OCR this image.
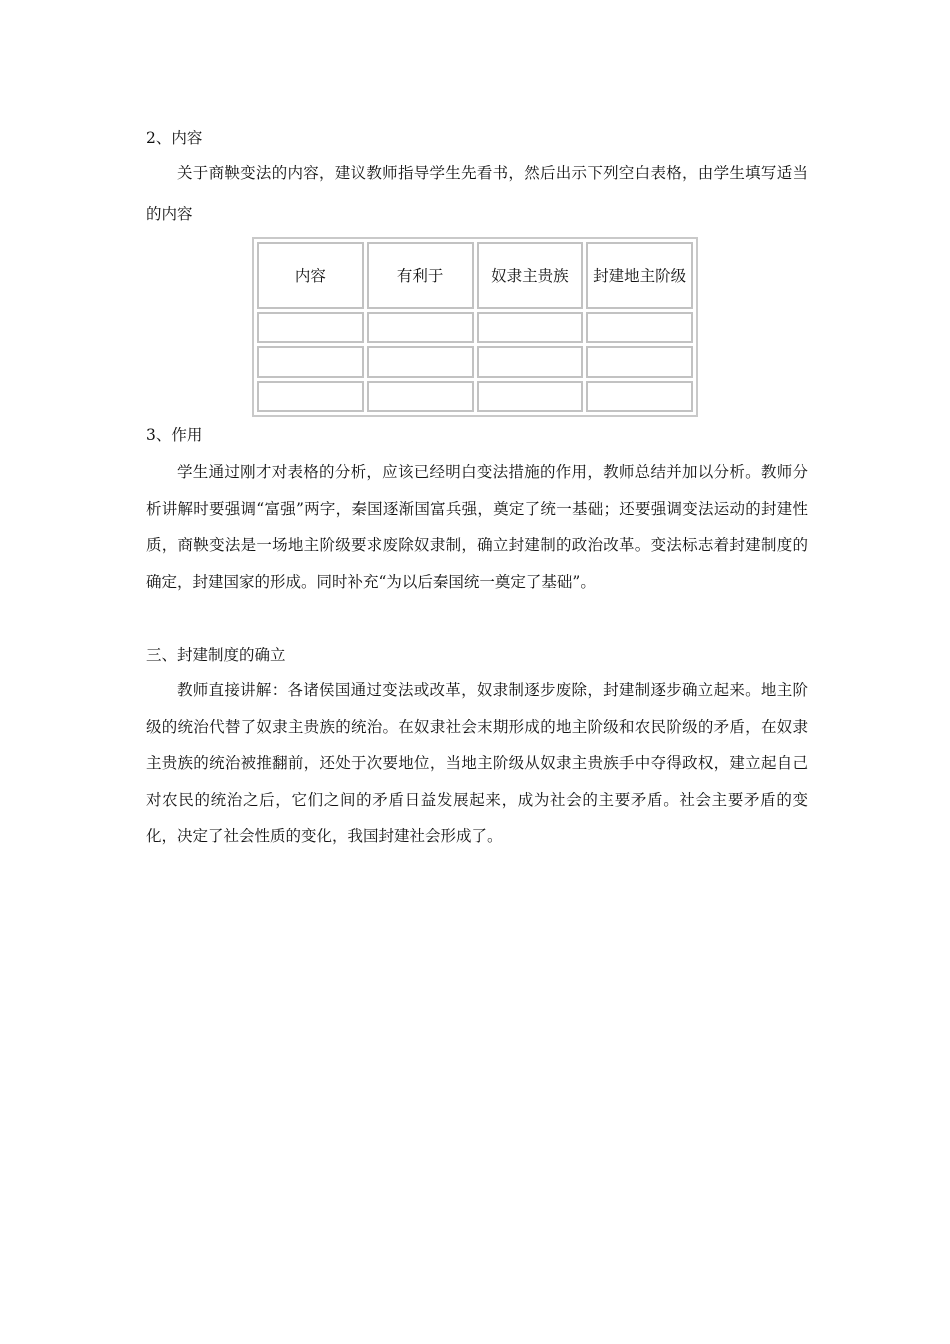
2、内容

关于商鞅变法的内容，建议教师指导学生先看书，然后出示下列空白表格，由学生填写适当的内容

内容	有利于	奴隶主贵族	封建地主阶级

3、作用

学生通过刚才对表格的分析，应该已经明白变法措施的作用，教师总结并加以分析。教师分析讲解时要强调“富强”两字，秦国逐渐国富兵强，奠定了统一基础；还要强调变法运动的封建性质，商鞅变法是一场地主阶级要求废除奴隶制，确立封建制的政治改革。变法标志着封建制度的确定，封建国家的形成。同时补充“为以后秦国统一奠定了基础”。

三、封建制度的确立

教师直接讲解：各诸侯国通过变法或改革，奴隶制逐步废除，封建制逐步确立起来。地主阶级的统治代替了奴隶主贵族的统治。在奴隶社会末期形成的地主阶级和农民阶级的矛盾，在奴隶主贵族的统治被推翻前，还处于次要地位，当地主阶级从奴隶主贵族手中夺得政权，建立起自己对农民的统治之后，它们之间的矛盾日益发展起来，成为社会的主要矛盾。社会主要矛盾的变化，决定了社会性质的变化，我国封建社会形成了。
